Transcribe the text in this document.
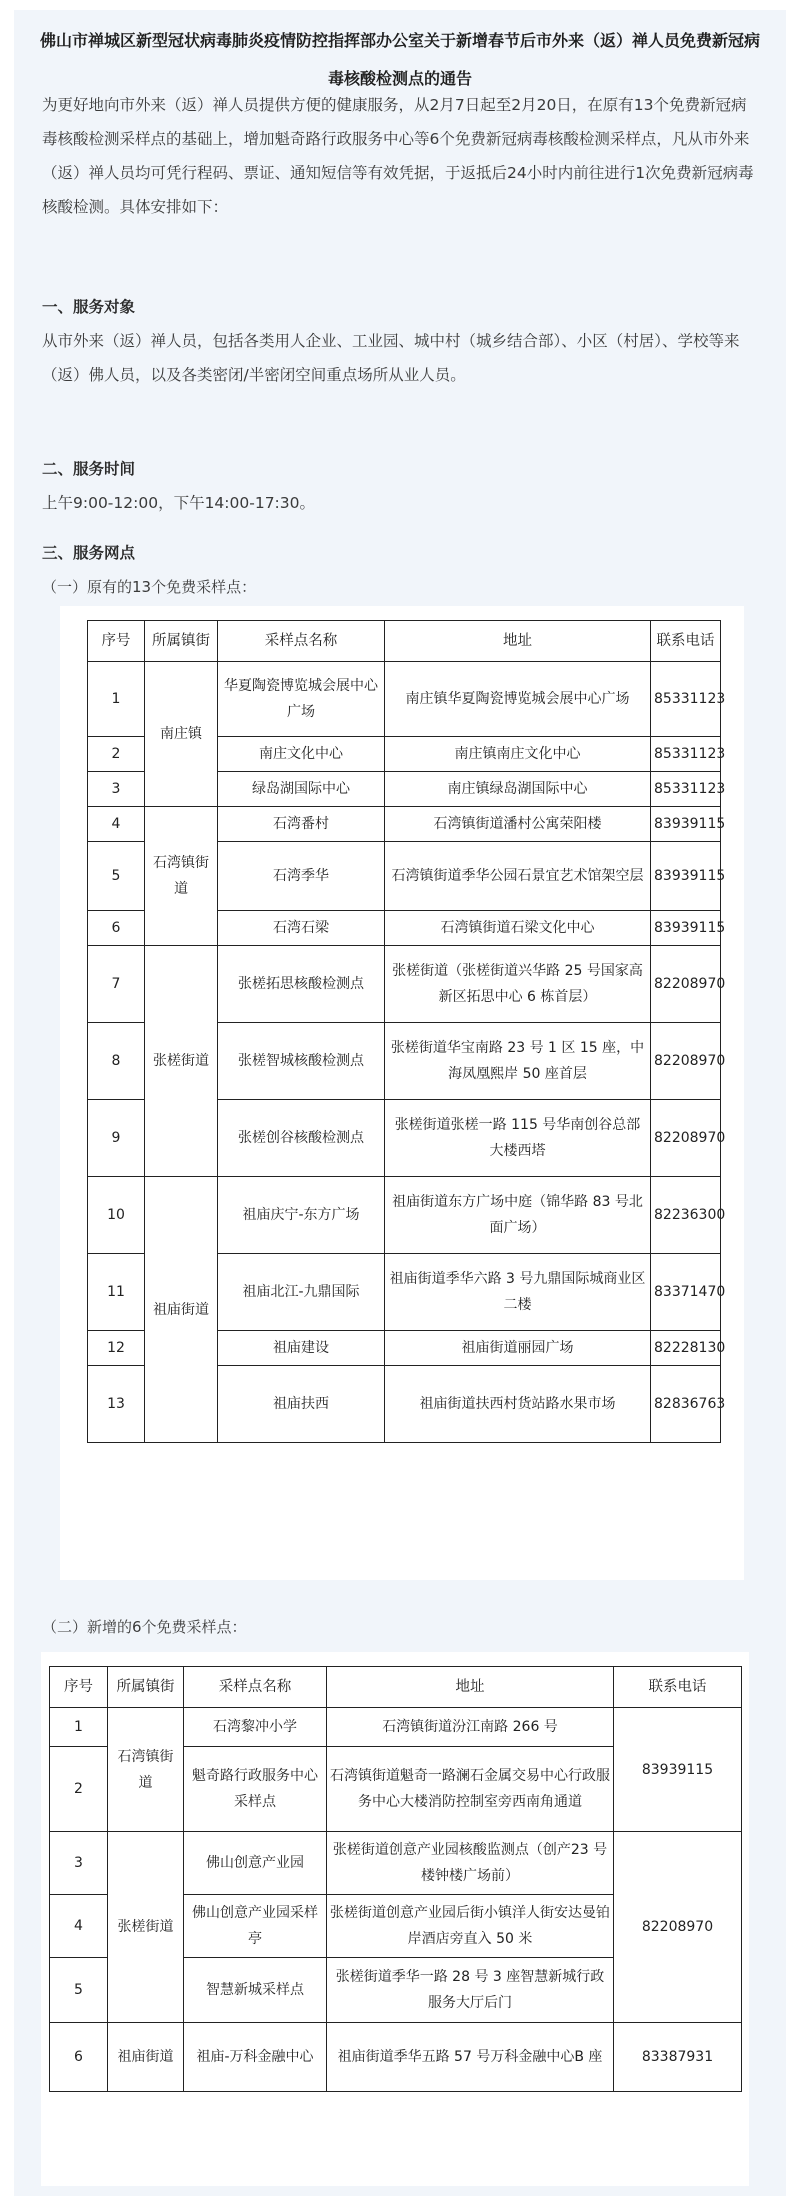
佛山市禅城区新型冠状病毒肺炎疫情防控指挥部办公室关于新增春节后市外来（返）禅人员免费新冠病毒核酸检测点的通告
为更好地向市外来（返）禅人员提供方便的健康服务，从2月7日起至2月20日，在原有13个免费新冠病毒核酸检测采样点的基础上，增加魁奇路行政服务中心等6个免费新冠病毒核酸检测采样点，凡从市外来（返）禅人员均可凭行程码、票证、通知短信等有效凭据，于返抵后24小时内前往进行1次免费新冠病毒核酸检测。具体安排如下：
一、服务对象
从市外来（返）禅人员，包括各类用人企业、工业园、城中村（城乡结合部）、小区（村居）、学校等来（返）佛人员，以及各类密闭/半密闭空间重点场所从业人员。
二、服务时间
上午9:00-12:00，下午14:00-17:30。
三、服务网点
（一）原有的13个免费采样点：
序号	所属镇街	采样点名称	地址	联系电话
1	南庄镇	华夏陶瓷博览城会展中心广场	南庄镇华夏陶瓷博览城会展中心广场	85331123
2		南庄文化中心	南庄镇南庄文化中心	85331123
3		绿岛湖国际中心	南庄镇绿岛湖国际中心	85331123
4	石湾镇街道	石湾番村	石湾镇街道潘村公寓荣阳楼	83939115
5		石湾季华	石湾镇街道季华公园石景宜艺术馆架空层	83939115
6		石湾石梁	石湾镇街道石梁文化中心	83939115
7	张槎街道	张槎拓思核酸检测点	张槎街道（张槎街道兴华路 25 号国家高新区拓思中心 6 栋首层）	82208970
8		张槎智城核酸检测点	张槎街道华宝南路 23 号 1 区 15 座，中海凤凰熙岸 50 座首层	82208970
9		张槎创谷核酸检测点	张槎街道张槎一路 115 号华南创谷总部大楼西塔	82208970
10	祖庙街道	祖庙庆宁-东方广场	祖庙街道东方广场中庭（锦华路 83 号北面广场）	82236300
11		祖庙北江-九鼎国际	祖庙街道季华六路 3 号九鼎国际城商业区二楼	83371470
12		祖庙建设	祖庙街道丽园广场	82228130
13		祖庙扶西	祖庙街道扶西村货站路水果市场	82836763
（二）新增的6个免费采样点：
序号	所属镇街	采样点名称	地址	联系电话
1	石湾镇街道	石湾黎冲小学	石湾镇街道汾江南路 266 号	83939115
2		魁奇路行政服务中心采样点	石湾镇街道魁奇一路澜石金属交易中心行政服务中心大楼消防控制室旁西南角通道	
3	张槎街道	佛山创意产业园	张槎街道创意产业园核酸监测点（创产23 号楼钟楼广场前）	82208970
4		佛山创意产业园采样亭	张槎街道创意产业园后街小镇洋人街安达曼铂岸酒店旁直入 50 米	
5		智慧新城采样点	张槎街道季华一路 28 号 3 座智慧新城行政服务大厅后门	
6	祖庙街道	祖庙-万科金融中心	祖庙街道季华五路 57 号万科金融中心B 座	83387931
